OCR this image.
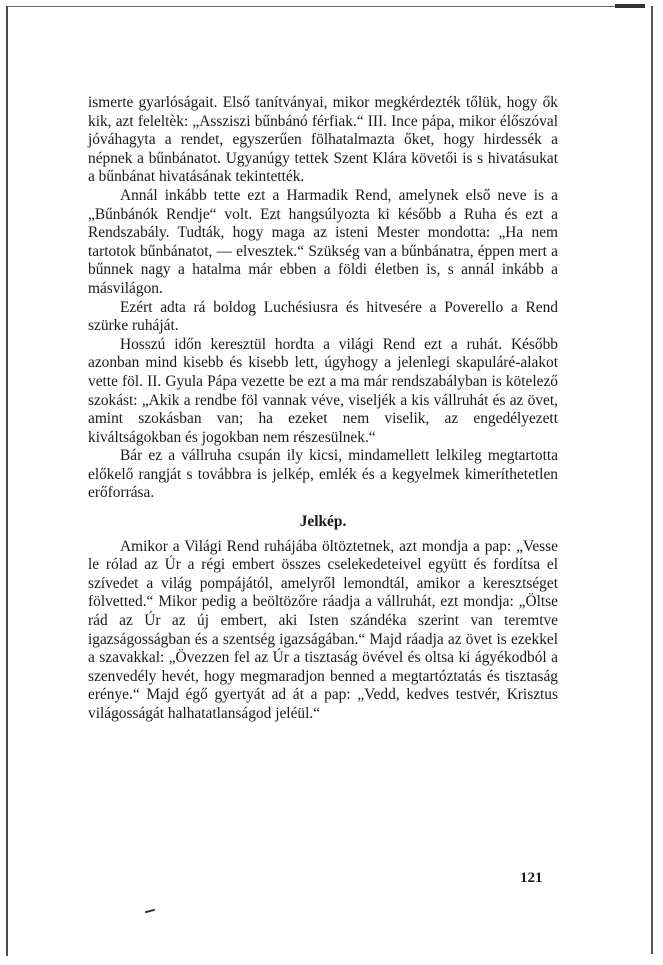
ismerte gyarlóságait. Első tanítványai, mikor megkérdezték tőlük, hogy ők kik, azt feleltèk: „Assziszi bűnbánó férfiak.“ III. Ince pápa, mikor élőszóval jóváhagyta a rendet, egyszerűen fölhatalmazta őket, hogy hirdessék a népnek a bűnbánatot. Ugyanúgy tettek Szent Klára követői is s hivatásukat a bűnbánat hivatásának tekintették.

Annál inkább tette ezt a Harmadik Rend, amelynek első neve is a „Bűnbánók Rendje“ volt. Ezt hangsúlyozta ki később a Ruha és ezt a Rendszabály. Tudták, hogy maga az isteni Mester mondotta: „Ha nem tartotok bűnbánatot, — elvesztek.“ Szükség van a bűnbánatra, éppen mert a bűnnek nagy a hatalma már ebben a földi életben is, s annál inkább a másvilágon.

Ezért adta rá boldog Luchésiusra és hitvesére a Poverello a Rend szürke ruháját.

Hosszú időn keresztül hordta a világi Rend ezt a ruhát. Később azonban mind kisebb és kisebb lett, úgyhogy a jelenlegi skapuláré-alakot vette föl. II. Gyula Pápa vezette be ezt a ma már rendszabályban is kötelező szokást: „Akik a rendbe föl vannak véve, viseljék a kis vállruhát és az övet, amint szokásban van; ha ezeket nem viselik, az engedélyezett kiváltságokban és jogokban nem részesülnek.“

Bár ez a vállruha csupán ily kicsi, mindamellett lelkileg megtartotta előkelő rangját s továbbra is jelkép, emlék és a kegyelmek kimeríthetetlen erőforrása.

Jelkép.

Amikor a Világi Rend ruhájába öltöztetnek, azt mondja a pap: „Vesse le rólad az Úr a régi embert összes cselekedeteivel együtt és fordítsa el szívedet a világ pompájától, amelyről lemondtál, amikor a keresztséget fölvetted.“ Mikor pedig a beöltözőre ráadja a vállruhát, ezt mondja: „Öltse rád az Úr az új embert, aki Isten szándéka szerint van teremtve igazságosságban és a szentség igazságában.“ Majd ráadja az övet is ezekkel a szavakkal: „Övezzen fel az Úr a tisztaság övével és oltsa ki ágyékodból a szenvedély hevét, hogy megmaradjon benned a megtartóztatás és tisztaság erénye.“ Majd égő gyertyát ad át a pap: „Vedd, kedves testvér, Krisztus világosságát halhatatlanságod jeléül.“

121
